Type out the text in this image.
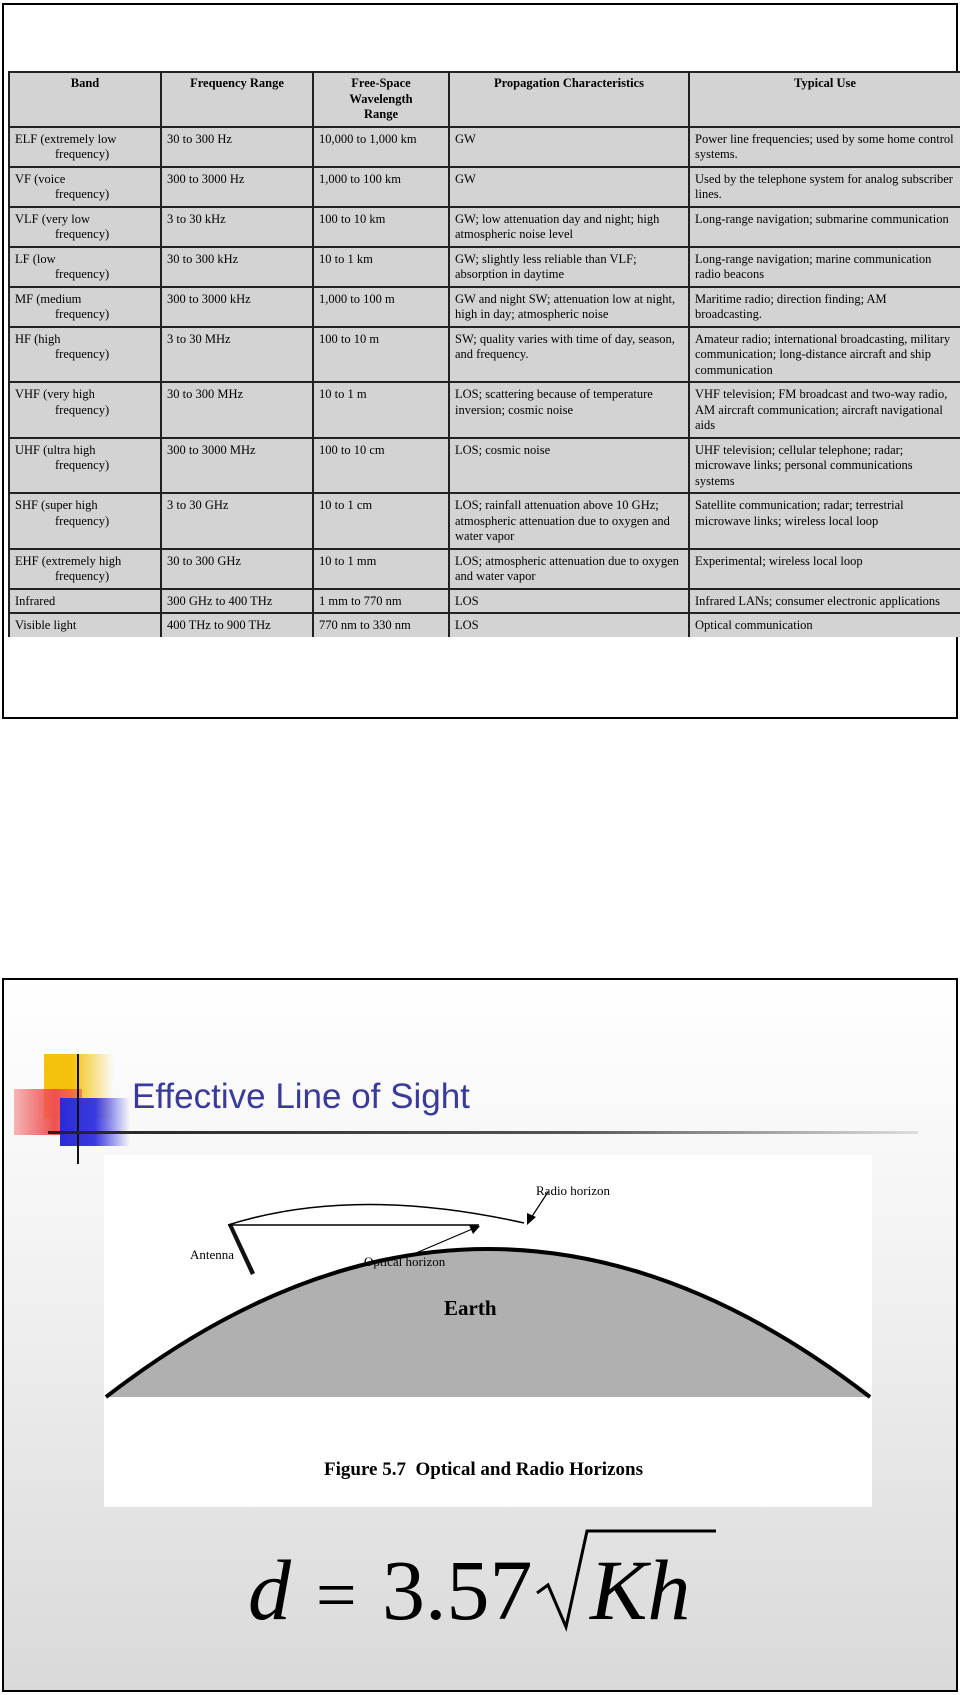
Band	Frequency Range	Free-Space Wavelength Range	Propagation Characteristics	Typical Use
ELF (extremely low
frequency)	30 to 300 Hz	10,000 to 1,000 km	GW	Power line frequencies; used by some home control systems.
VF (voice
frequency)	300 to 3000 Hz	1,000 to 100 km	GW	Used by the telephone system for analog subscriber lines.
VLF (very low
frequency)	3 to 30 kHz	100 to 10 km	GW; low attenuation day and night; high atmospheric noise level	Long-range navigation; submarine communication
LF (low
frequency)	30 to 300 kHz	10 to 1 km	GW; slightly less reliable than VLF; absorption in daytime	Long-range navigation; marine communication radio beacons
MF (medium
frequency)	300 to 3000 kHz	1,000 to 100 m	GW and night SW; attenuation low at night, high in day; atmospheric noise	Maritime radio; direction finding; AM broadcasting.
HF (high
frequency)	3 to 30 MHz	100 to 10 m	SW; quality varies with time of day, season, and frequency.	Amateur radio; international broadcasting, military communication; long-distance aircraft and ship communication
VHF (very high
frequency)	30 to 300 MHz	10 to 1 m	LOS; scattering because of temperature inversion; cosmic noise	VHF television; FM broadcast and two-way radio, AM aircraft communication; aircraft navigational aids
UHF (ultra high
frequency)	300 to 3000 MHz	100 to 10 cm	LOS; cosmic noise	UHF television; cellular telephone; radar; microwave links; personal communications systems
SHF (super high
frequency)	3 to 30 GHz	10 to 1 cm	LOS; rainfall attenuation above 10 GHz; atmospheric attenuation due to oxygen and water vapor	Satellite communication; radar; terrestrial microwave links; wireless local loop
EHF (extremely high
frequency)	30 to 300 GHz	10 to 1 mm	LOS; atmospheric attenuation due to oxygen and water vapor	Experimental; wireless local loop
Infrared	300 GHz to 400 THz	1 mm to 770 nm	LOS	Infrared LANs; consumer electronic applications
Visible light	400 THz to 900 THz	770 nm to 330 nm	LOS	Optical communication
Effective Line of Sight
Radio horizon
Antenna	Optical horizon
Earth
Figure 5.7  Optical and Radio Horizons
d = 3.57 Kh
